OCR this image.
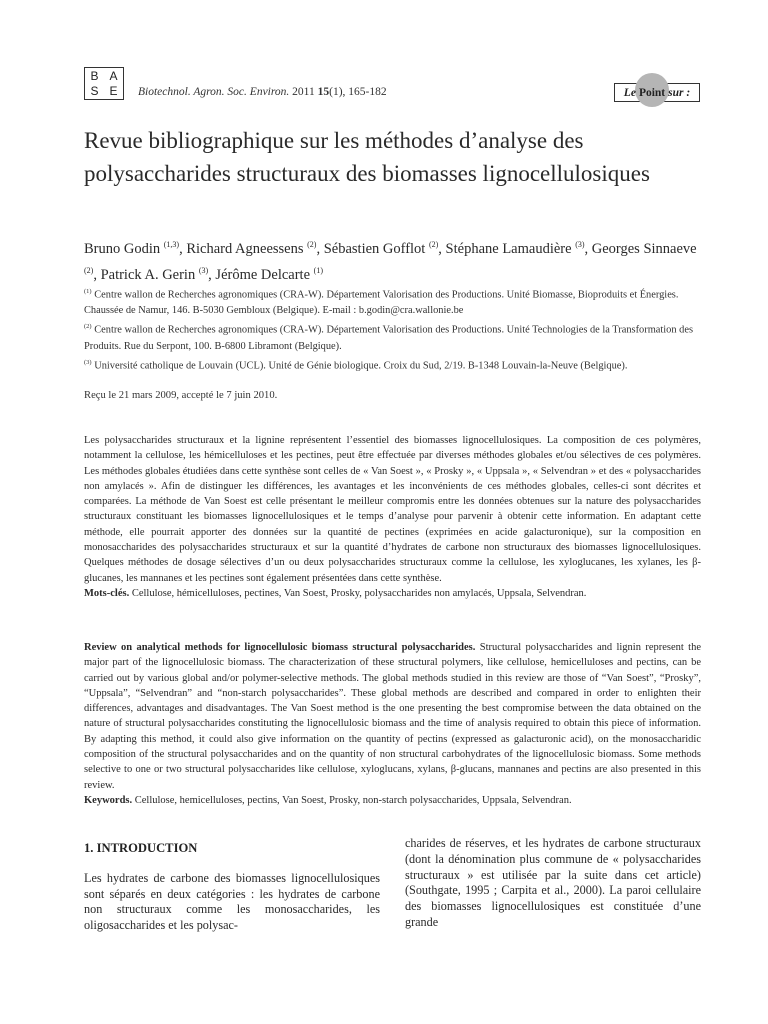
B A
S E	Biotechnol. Agron. Soc. Environ. 2011 15(1), 165-182	Le Point sur :
Revue bibliographique sur les méthodes d’analyse des polysaccharides structuraux des biomasses lignocellulosiques
Bruno Godin $^{(1,3)}$, Richard Agneessens $^{(2)}$, Sébastien Gofflot $^{(2)}$, Stéphane Lamaudière $^{(3)}$, Georges Sinnaeve $^{(2)}$, Patrick A. Gerin $^{(3)}$, Jérôme Delcarte $^{(1)}$
$^{(1)}$ Centre wallon de Recherches agronomiques (CRA-W). Département Valorisation des Productions. Unité Biomasse, Bioproduits et Énergies. Chaussée de Namur, 146. B-5030 Gembloux (Belgique). E-mail : b.godin@cra.wallonie.be
$^{(2)}$ Centre wallon de Recherches agronomiques (CRA-W). Département Valorisation des Productions. Unité Technologies de la Transformation des Produits. Rue du Serpont, 100. B-6800 Libramont (Belgique).
$^{(3)}$ Université catholique de Louvain (UCL). Unité de Génie biologique. Croix du Sud, 2/19. B-1348 Louvain-la-Neuve (Belgique).
Reçu le 21 mars 2009, accepté le 7 juin 2010.

Les polysaccharides structuraux et la lignine représentent l’essentiel des biomasses lignocellulosiques. La composition de ces polymères, notamment la cellulose, les hémicelluloses et les pectines, peut être effectuée par diverses méthodes globales et/ou sélectives de ces polymères. Les méthodes globales étudiées dans cette synthèse sont celles de « Van Soest », « Prosky », « Uppsala », « Selvendran » et des « polysaccharides non amylacés ». Afin de distinguer les différences, les avantages et les inconvénients de ces méthodes globales, celles-ci sont décrites et comparées. La méthode de Van Soest est celle présentant le meilleur compromis entre les données obtenues sur la nature des polysaccharides structuraux constituant les biomasses lignocellulosiques et le temps d’analyse pour parvenir à obtenir cette information. En adaptant cette méthode, elle pourrait apporter des données sur la quantité de pectines (exprimées en acide galacturonique), sur la composition en monosaccharides des polysaccharides structuraux et sur la quantité d’hydrates de carbone non structuraux des biomasses lignocellulosiques. Quelques méthodes de dosage sélectives d’un ou deux polysaccharides structuraux comme la cellulose, les xyloglucanes, les xylanes, les β-glucanes, les mannanes et les pectines sont également présentées dans cette synthèse.

Mots-clés. Cellulose, hémicelluloses, pectines, Van Soest, Prosky, polysaccharides non amylacés, Uppsala, Selvendran.

Review on analytical methods for lignocellulosic biomass structural polysaccharides. Structural polysaccharides and lignin represent the major part of the lignocellulosic biomass. The characterization of these structural polymers, like cellulose, hemicelluloses and pectins, can be carried out by various global and/or polymer-selective methods. The global methods studied in this review are those of “Van Soest”, “Prosky”, “Uppsala”, “Selvendran” and “non-starch polysaccharides”. These global methods are described and compared in order to enlighten their differences, advantages and disadvantages. The Van Soest method is the one presenting the best compromise between the data obtained on the nature of structural polysaccharides constituting the lignocellulosic biomass and the time of analysis required to obtain this piece of information. By adapting this method, it could also give information on the quantity of pectins (expressed as galacturonic acid), on the monosaccharidic composition of the structural polysaccharides and on the quantity of non structural carbohydrates of the lignocellulosic biomass. Some methods selective to one or two structural polysaccharides like cellulose, xyloglucans, xylans, β-glucans, mannanes and pectins are also presented in this review.

Keywords. Cellulose, hemicelluloses, pectins, Van Soest, Prosky, non-starch polysaccharides, Uppsala, Selvendran.

1. INTRODUCTION

Les hydrates de carbone des biomasses lignocellulosiques sont séparés en deux catégories : les hydrates de carbone non structuraux comme les monosaccharides, les oligosaccharides et les polysac-

charides de réserves, et les hydrates de carbone structuraux (dont la dénomination plus commune de « polysaccharides structuraux » est utilisée par la suite dans cet article) (Southgate, 1995 ; Carpita et al., 2000). La paroi cellulaire des biomasses lignocellulosiques est constituée d’une grande
